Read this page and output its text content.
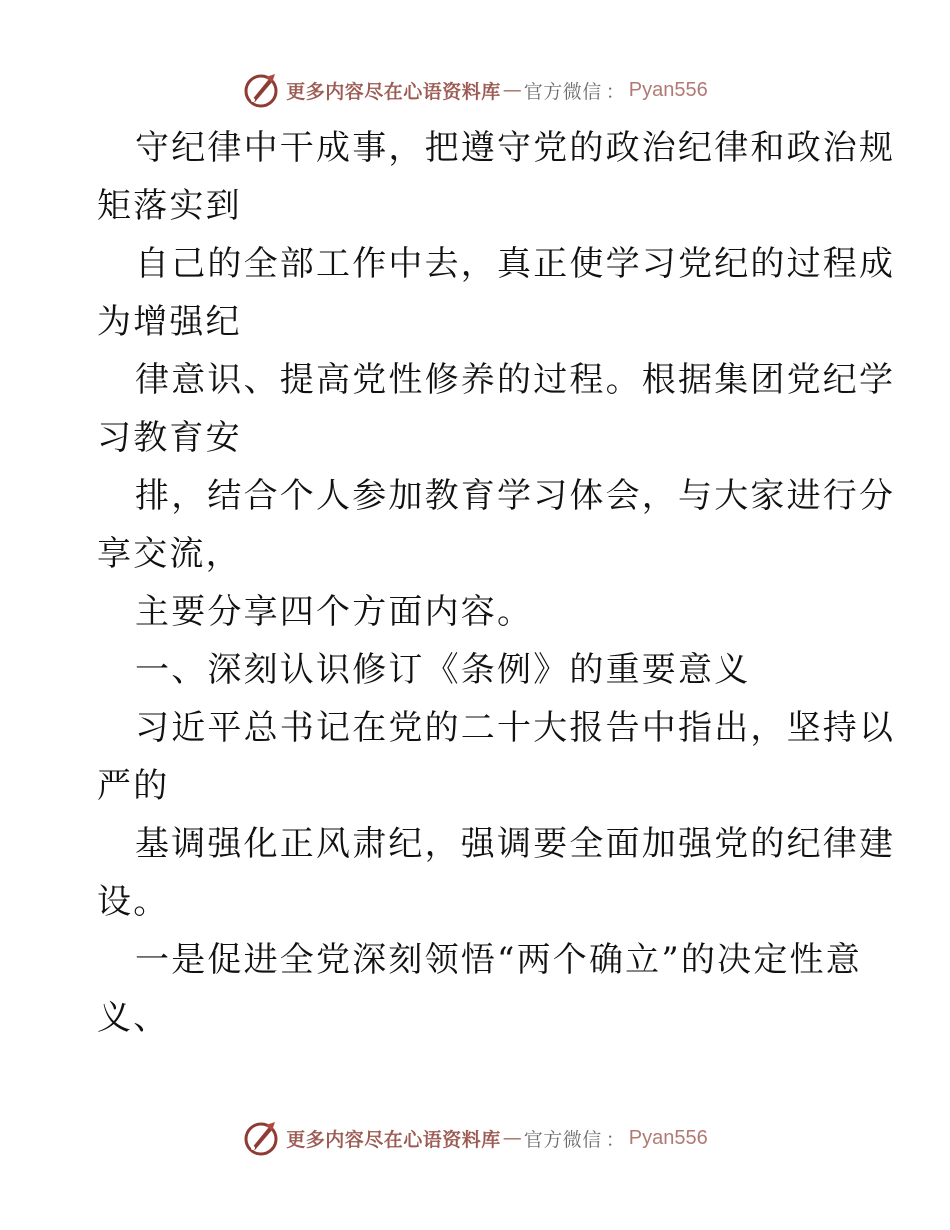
更多内容尽在心语资料库 — 官方微信 ： Pyan556
守纪律中干成事，把遵守党的政治纪律和政治规
矩落实到
自己的全部工作中去，真正使学习党纪的过程成
为增强纪
律意识、提高党性修养的过程。根据集团党纪学
习教育安
排，结合个人参加教育学习体会，与大家进行分
享交流，
主要分享四个方面内容。
一、深刻认识修订《条例》的重要意义
习近平总书记在党的二十大报告中指出，坚持以
严的
基调强化正风肃纪，强调要全面加强党的纪律建
设。
一是促进全党深刻领悟“两个确立”的决定性意
义、
更多内容尽在心语资料库 — 官方微信 ： Pyan556
